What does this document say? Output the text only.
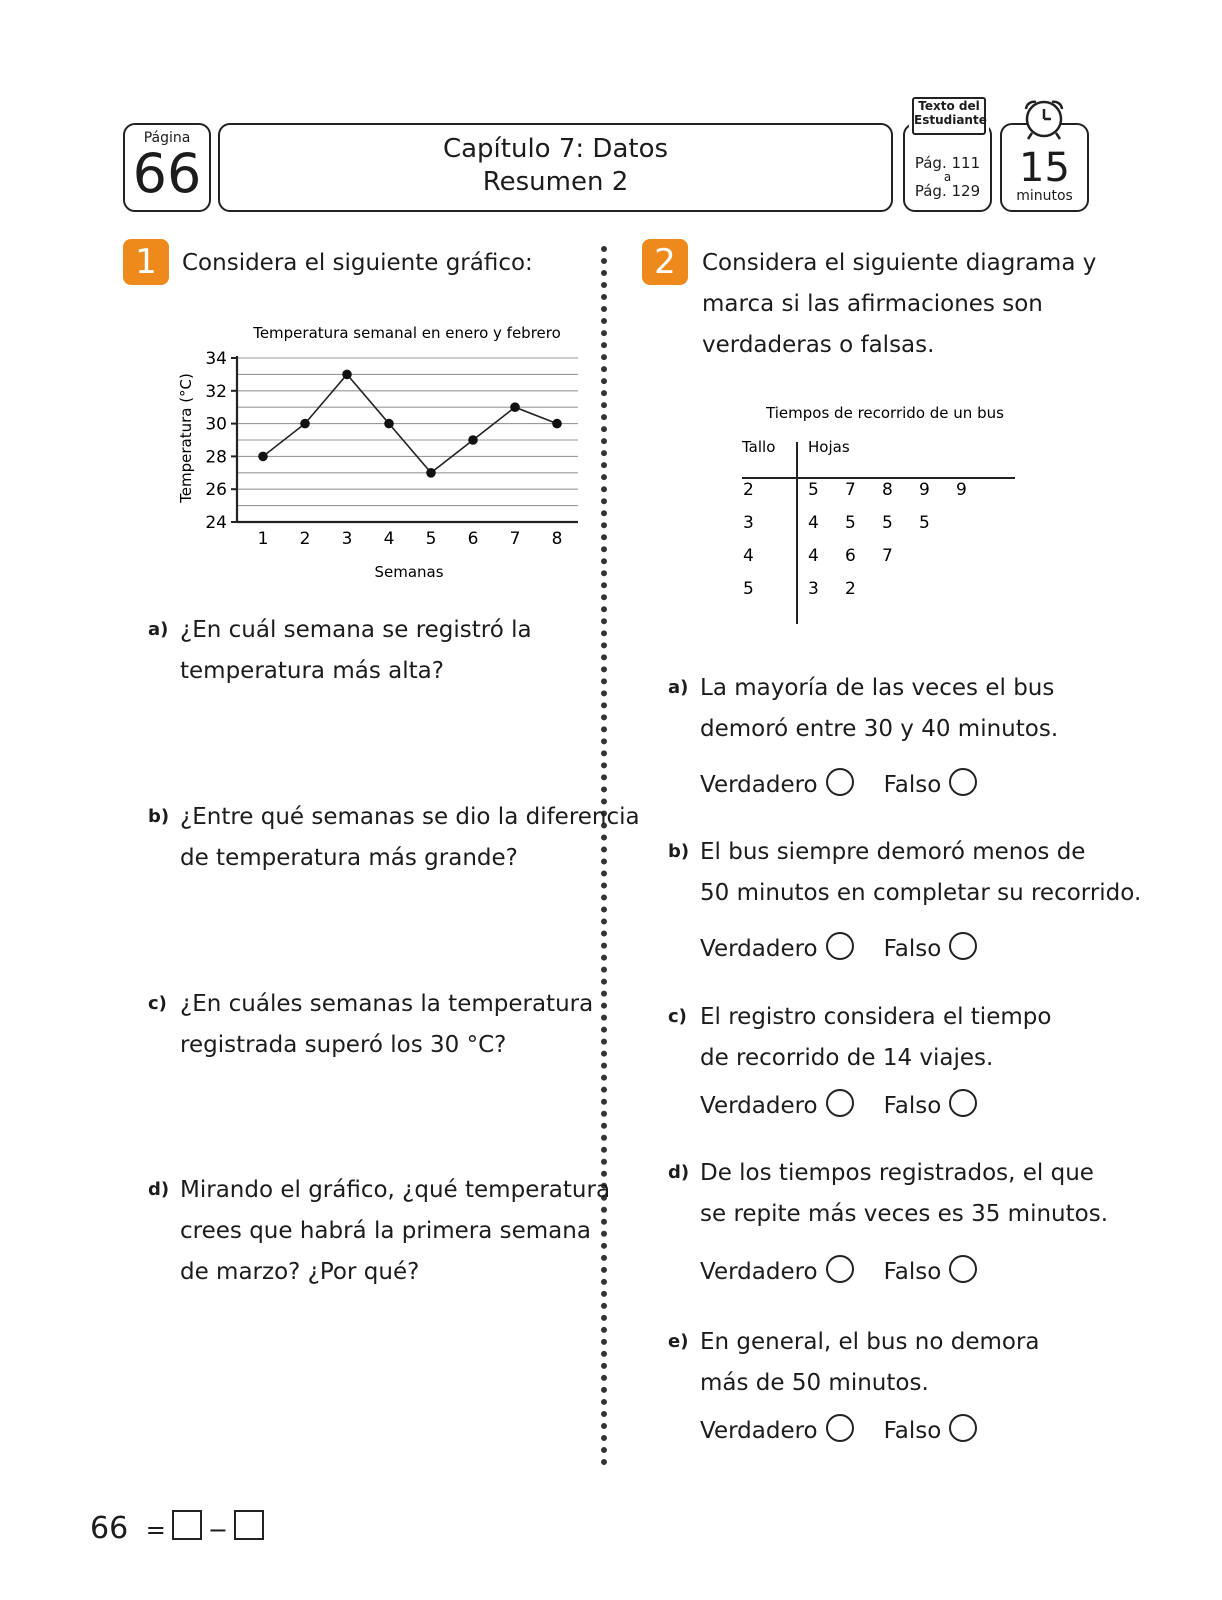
Página
66	Capítulo 7: Datos
Resumen 2
Pág. 111
a
Pág. 129
Texto del
Estudiante
15
minutos
1	Considera el siguiente gráfico:
Temperatura semanal en enero y febrero
Temperatura (°C)
Semanas
24
26
28
30
32
34
1 2 3 4 5 6 7 8
a) ¿En cuál semana se registró la
temperatura más alta?
b) ¿Entre qué semanas se dio la diferencia
de temperatura más grande?
c) ¿En cuáles semanas la temperatura
registrada superó los 30 °C?
d) Mirando el gráfico, ¿qué temperatura
crees que habrá la primera semana
de marzo? ¿Por qué?
2	Considera el siguiente diagrama y
marca si las afirmaciones son
verdaderas o falsas.
Tiempos de recorrido de un bus
Tallo Hojas
2	5 7 8 9 9
3	4 5 5 5
4	4 6 7
5	3 2
a) La mayoría de las veces el bus
demoró entre 30 y 40 minutos.
Verdadero	Falso
b) El bus siempre demoró menos de
50 minutos en completar su recorrido.
Verdadero	Falso
c) El registro considera el tiempo
de recorrido de 14 viajes.
Verdadero	Falso
d) De los tiempos registrados, el que
se repite más veces es 35 minutos.
Verdadero	Falso
e) En general, el bus no demora
más de 50 minutos.
Verdadero	Falso
66 = −
